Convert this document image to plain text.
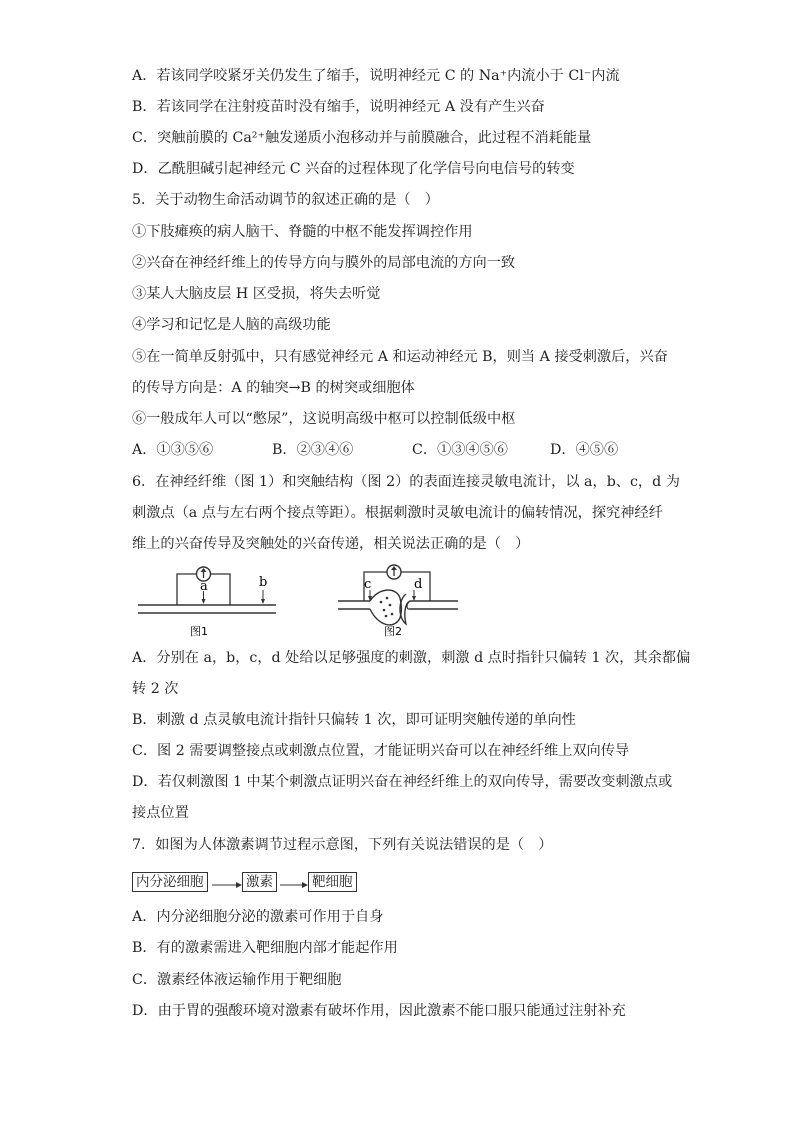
A．若该同学咬紧牙关仍发生了缩手，说明神经元 C 的 Na⁺内流小于 Cl⁻内流
B．若该同学在注射疫苗时没有缩手，说明神经元 A 没有产生兴奋
C．突触前膜的 Ca²⁺触发递质小泡移动并与前膜融合，此过程不消耗能量
D．乙酰胆碱引起神经元 C 兴奋的过程体现了化学信号向电信号的转变
5．关于动物生命活动调节的叙述正确的是（　）
①下肢瘫痪的病人脑干、脊髓的中枢不能发挥调控作用
②兴奋在神经纤维上的传导方向与膜外的局部电流的方向一致
③某人大脑皮层 H 区受损，将失去听觉
④学习和记忆是人脑的高级功能
⑤在一简单反射弧中，只有感觉神经元 A 和运动神经元 B，则当 A 接受刺激后，兴奋
的传导方向是：A 的轴突→B 的树突或细胞体
⑥一般成年人可以“憋尿”，这说明高级中枢可以控制低级中枢
A．①③⑤⑥	B．②③④⑥	C．①③④⑤⑥	D．④⑤⑥
6．在神经纤维（图 1）和突触结构（图 2）的表面连接灵敏电流计，以 a，b、c，d 为
刺激点（a 点与左右两个接点等距）。根据刺激时灵敏电流计的偏转情况，探究神经纤
维上的兴奋传导及突触处的兴奋传递，相关说法正确的是（　）
a	b
图1
c	d
图2
A．分别在 a，b，c，d 处给以足够强度的刺激，刺激 d 点时指针只偏转 1 次，其余都偏
转 2 次
B．刺激 d 点灵敏电流计指针只偏转 1 次，即可证明突触传递的单向性
C．图 2 需要调整接点或刺激点位置，才能证明兴奋可以在神经纤维上双向传导
D．若仅刺激图 1 中某个刺激点证明兴奋在神经纤维上的双向传导，需要改变刺激点或
接点位置
7．如图为人体激素调节过程示意图，下列有关说法错误的是（　）
内分泌细胞	激素	靶细胞
A．内分泌细胞分泌的激素可作用于自身
B．有的激素需进入靶细胞内部才能起作用
C．激素经体液运输作用于靶细胞
D．由于胃的强酸环境对激素有破坏作用，因此激素不能口服只能通过注射补充
